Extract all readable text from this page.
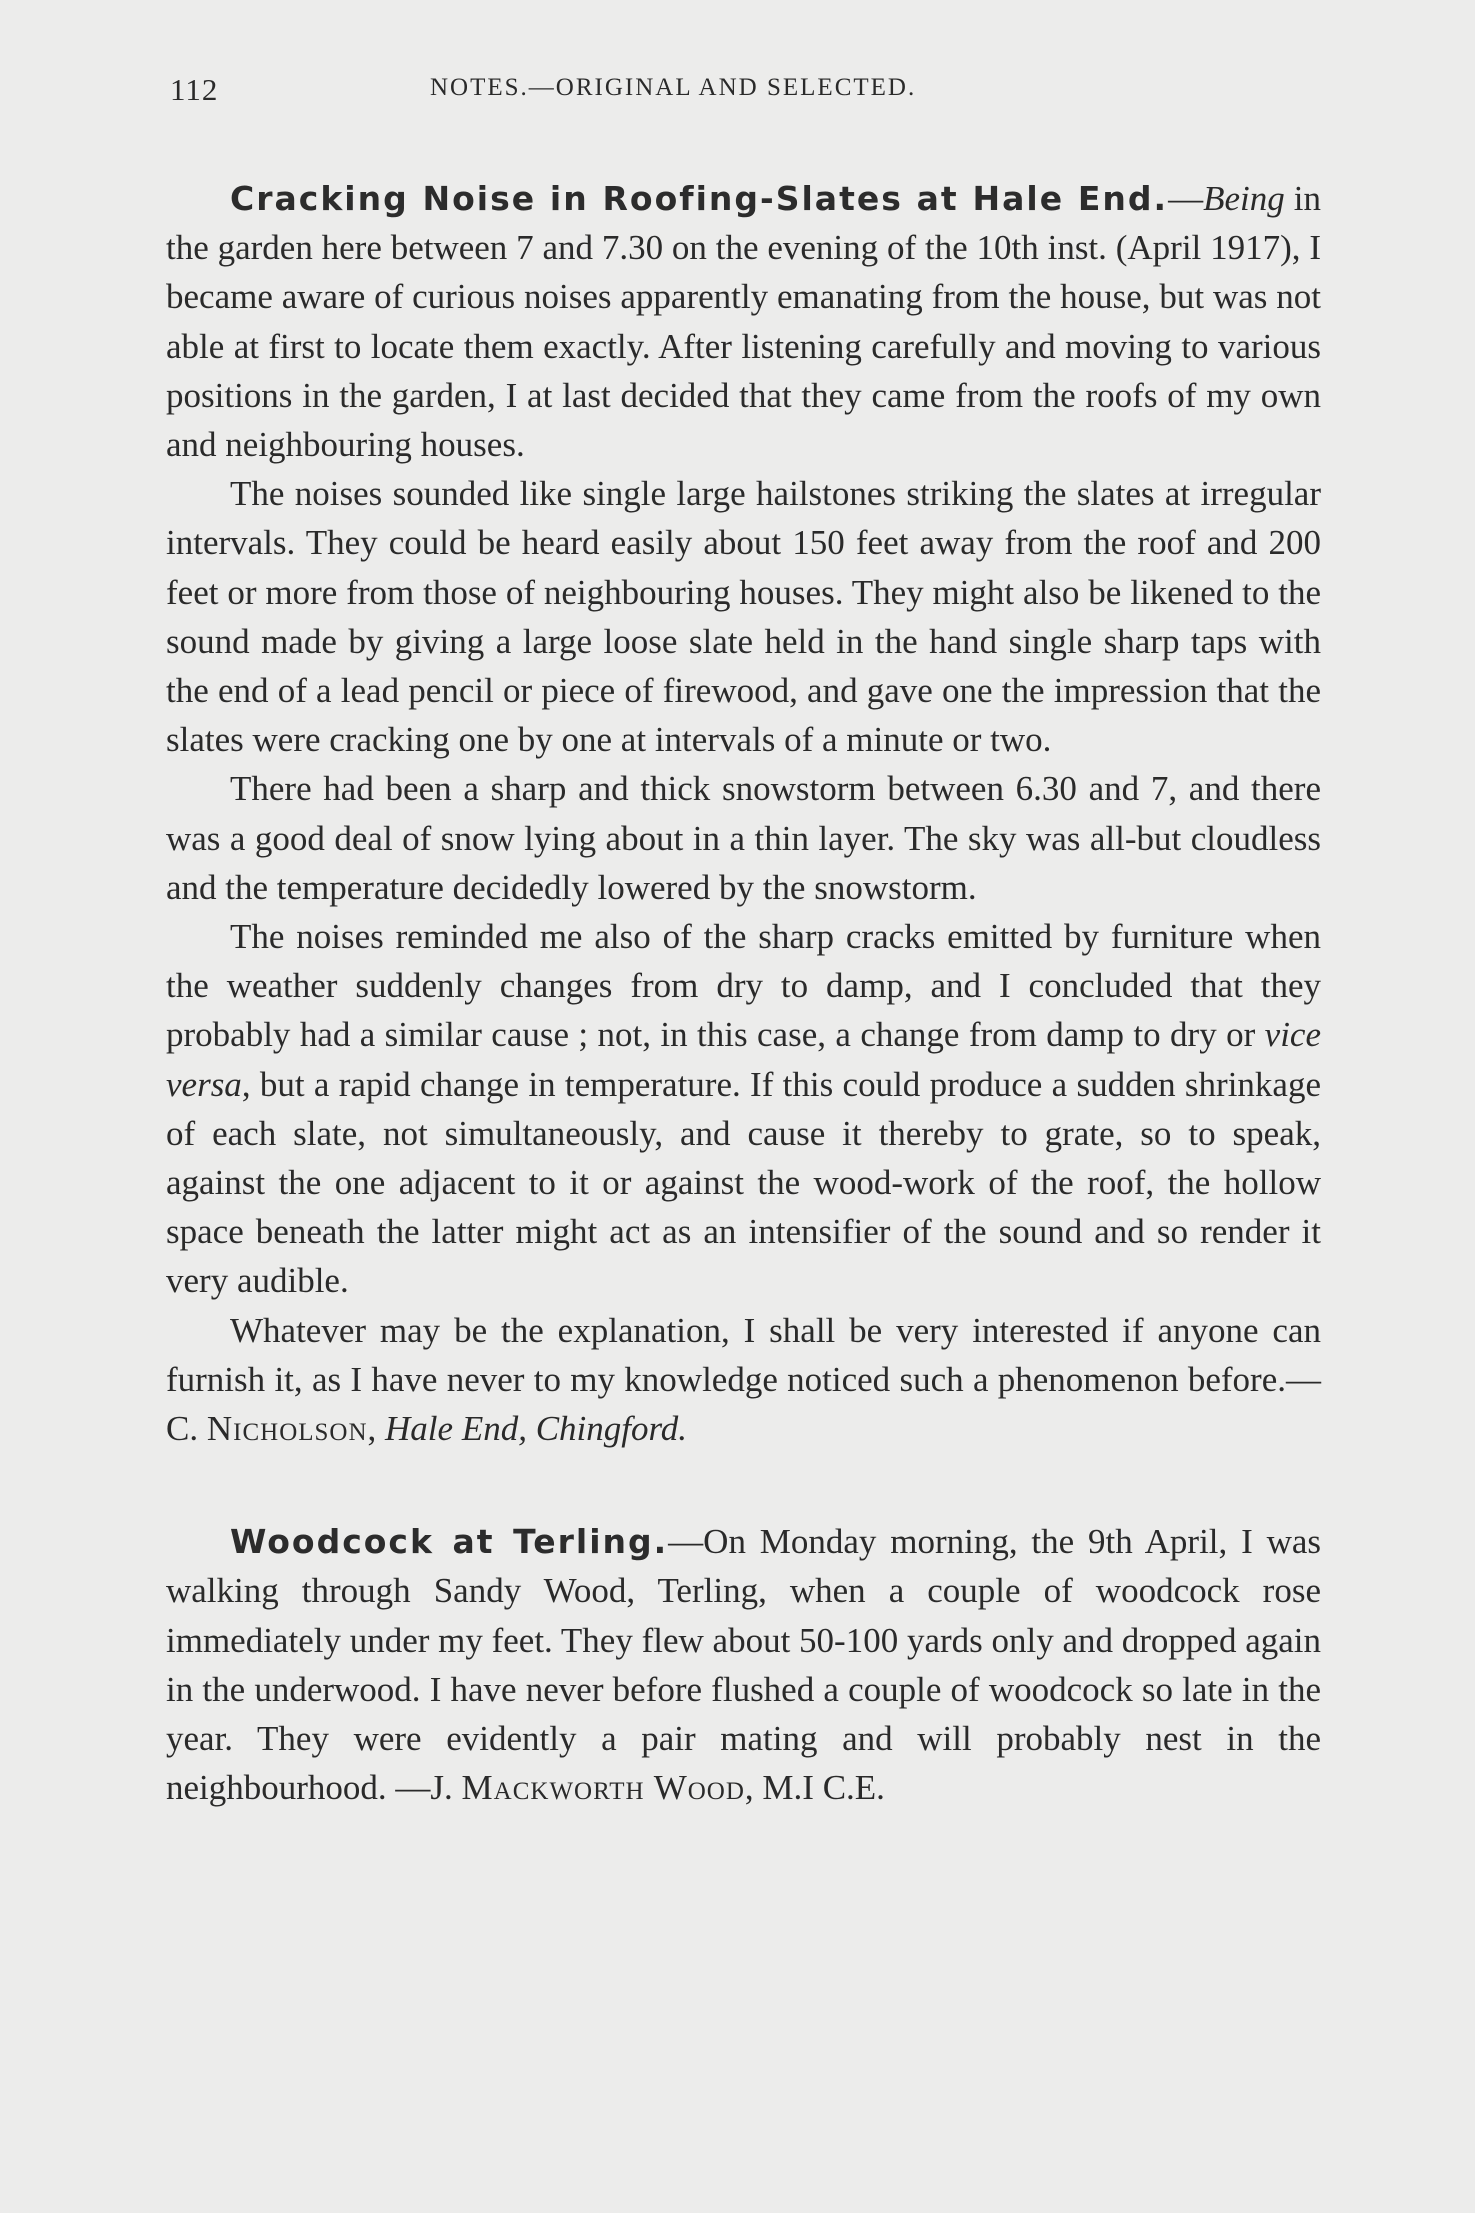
112	NOTES.—ORIGINAL AND SELECTED.

Cracking Noise in Roofing-Slates at Hale End.—Being in the garden here between 7 and 7.30 on the evening of the 10th inst. (April 1917), I became aware of curious noises apparently emanating from the house, but was not able at first to locate them exactly. After listening carefully and moving to various positions in the garden, I at last decided that they came from the roofs of my own and neighbouring houses.

The noises sounded like single large hailstones striking the slates at irregular intervals. They could be heard easily about 150 feet away from the roof and 200 feet or more from those of neighbouring houses. They might also be likened to the sound made by giving a large loose slate held in the hand single sharp taps with the end of a lead pencil or piece of firewood, and gave one the impression that the slates were cracking one by one at intervals of a minute or two.

There had been a sharp and thick snowstorm between 6.30 and 7, and there was a good deal of snow lying about in a thin layer. The sky was all-but cloudless and the temperature decidedly lowered by the snowstorm.

The noises reminded me also of the sharp cracks emitted by furniture when the weather suddenly changes from dry to damp, and I concluded that they probably had a similar cause ; not, in this case, a change from damp to dry or vice versa, but a rapid change in temperature. If this could produce a sudden shrinkage of each slate, not simultaneously, and cause it thereby to grate, so to speak, against the one adjacent to it or against the wood-work of the roof, the hollow space beneath the latter might act as an intensifier of the sound and so render it very audible.

Whatever may be the explanation, I shall be very interested if anyone can furnish it, as I have never to my knowledge noticed such a phenomenon before.—C. Nicholson, Hale End, Chingford.

Woodcock at Terling.—On Monday morning, the 9th April, I was walking through Sandy Wood, Terling, when a couple of woodcock rose immediately under my feet. They flew about 50-100 yards only and dropped again in the underwood. I have never before flushed a couple of woodcock so late in the year. They were evidently a pair mating and will probably nest in the neighbourhood. —J. Mackworth Wood, M.I C.E.
